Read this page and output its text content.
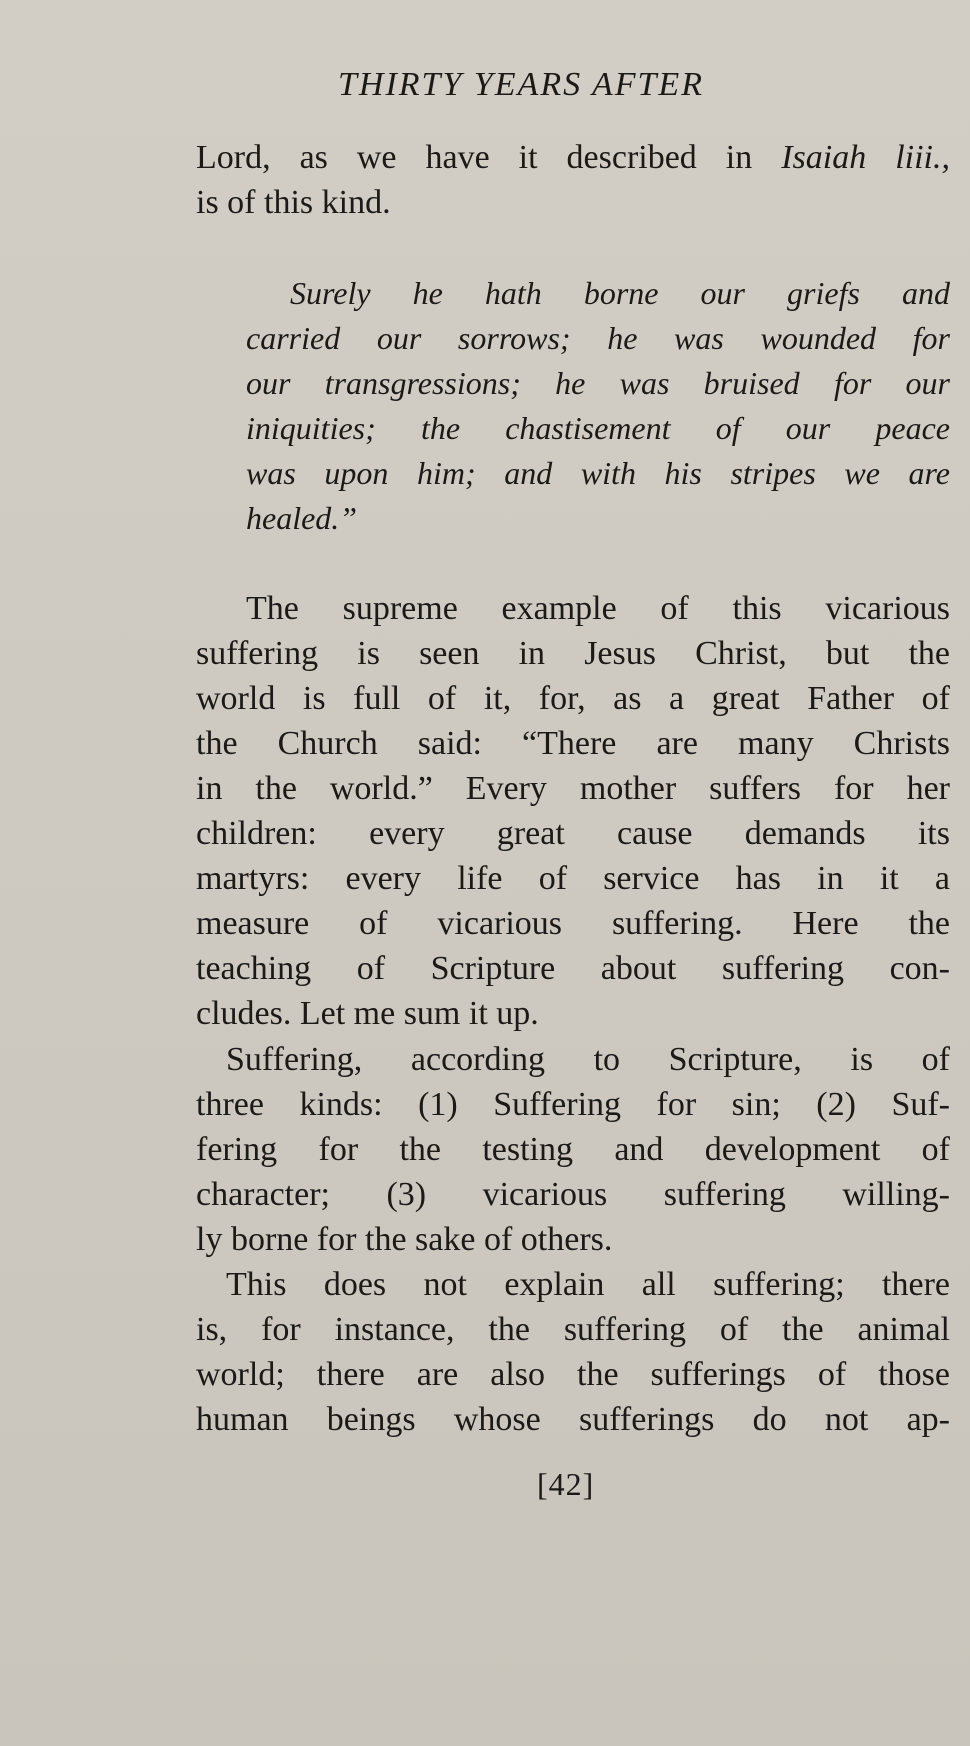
THIRTY YEARS AFTER
Lord, as we have it described in Isaiah liii.,
is of this kind.
Surely he hath borne our griefs and
carried our sorrows; he was wounded for
our transgressions; he was bruised for our
iniquities; the chastisement of our peace
was upon him; and with his stripes we are
healed.”
The supreme example of this vicarious
suffering is seen in Jesus Christ, but the
world is full of it, for, as a great Father of
the Church said: “There are many Christs
in the world.” Every mother suffers for her
children: every great cause demands its
martyrs: every life of service has in it a
measure of vicarious suffering. Here the
teaching of Scripture about suffering con-
cludes. Let me sum it up.
Suffering, according to Scripture, is of
three kinds: (1) Suffering for sin; (2) Suf-
fering for the testing and development of
character; (3) vicarious suffering willing-
ly borne for the sake of others.
This does not explain all suffering; there
is, for instance, the suffering of the animal
world; there are also the sufferings of those
human beings whose sufferings do not ap-
[42]
